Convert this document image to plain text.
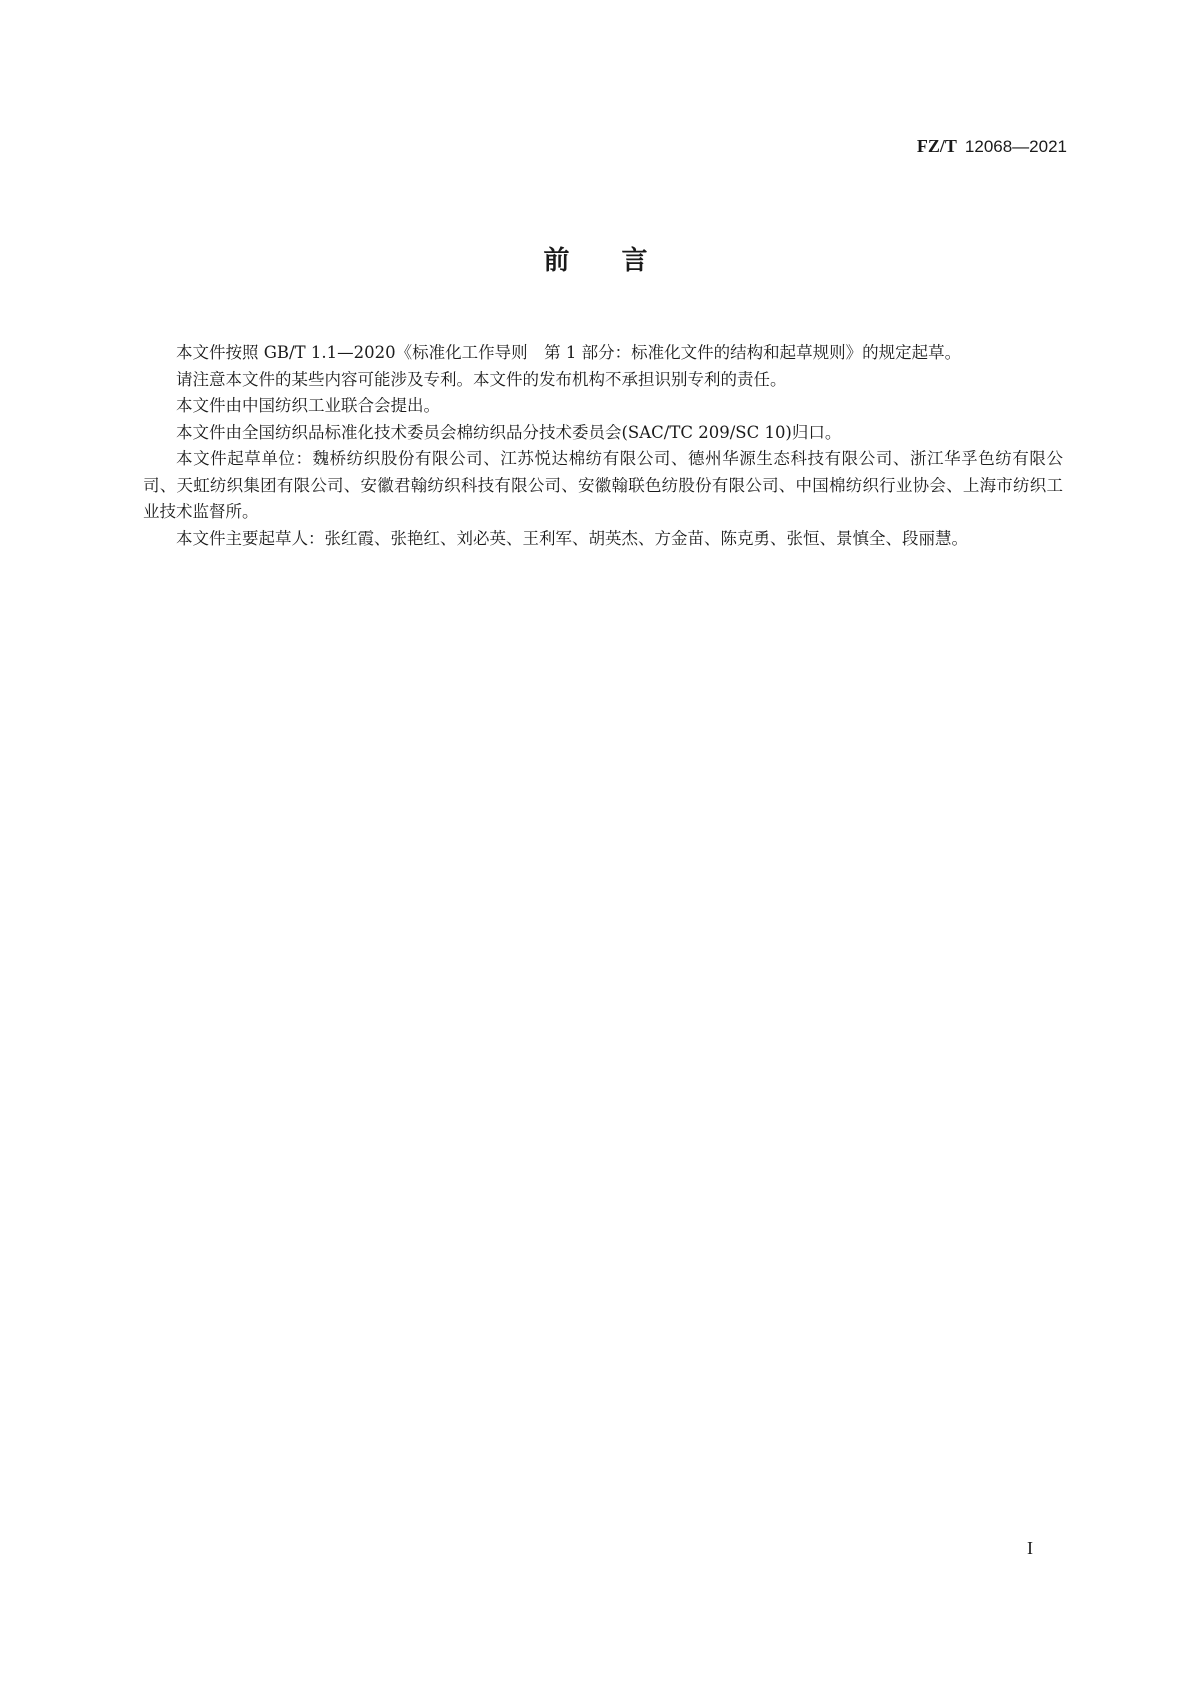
FZ/T 12068—2021
前言

本文件按照 GB/T 1.1—2020《标准化工作导则　第 1 部分：标准化文件的结构和起草规则》的规定起草。

请注意本文件的某些内容可能涉及专利。本文件的发布机构不承担识别专利的责任。

本文件由中国纺织工业联合会提出。

本文件由全国纺织品标准化技术委员会棉纺织品分技术委员会(SAC/TC 209/SC 10)归口。

本文件起草单位：魏桥纺织股份有限公司、江苏悦达棉纺有限公司、德州华源生态科技有限公司、浙江华孚色纺有限公司、天虹纺织集团有限公司、安徽君翰纺织科技有限公司、安徽翰联色纺股份有限公司、中国棉纺织行业协会、上海市纺织工业技术监督所。

本文件主要起草人：张红霞、张艳红、刘必英、王利军、胡英杰、方金苗、陈克勇、张恒、景慎全、段丽慧。

I
